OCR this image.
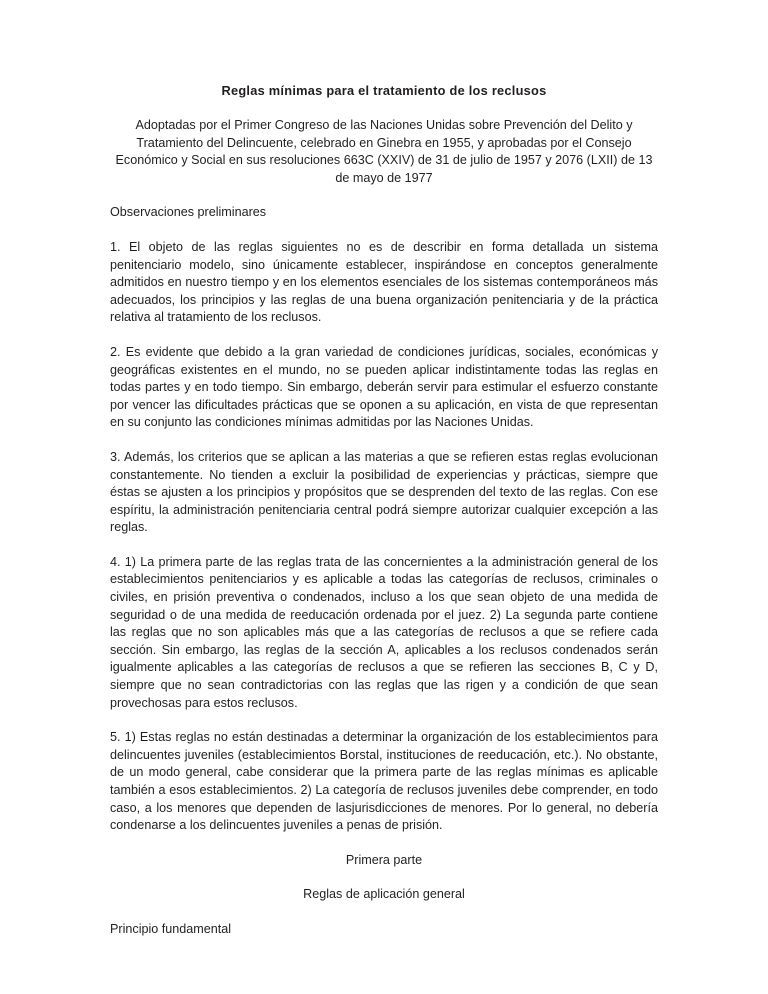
Reglas mínimas para el tratamiento de los reclusos

Adoptadas por el Primer Congreso de las Naciones Unidas sobre Prevención del Delito y Tratamiento del Delincuente, celebrado en Ginebra en 1955, y aprobadas por el Consejo Económico y Social en sus resoluciones 663C (XXIV) de 31 de julio de 1957 y 2076 (LXII) de 13 de mayo de 1977

Observaciones preliminares

1. El objeto de las reglas siguientes no es de describir en forma detallada un sistema penitenciario modelo, sino únicamente establecer, inspirándose en conceptos generalmente admitidos en nuestro tiempo y en los elementos esenciales de los sistemas contemporáneos más adecuados, los principios y las reglas de una buena organización penitenciaria y de la práctica relativa al tratamiento de los reclusos.

2. Es evidente que debido a la gran variedad de condiciones jurídicas, sociales, económicas y geográficas existentes en el mundo, no se pueden aplicar indistintamente todas las reglas en todas partes y en todo tiempo. Sin embargo, deberán servir para estimular el esfuerzo constante por vencer las dificultades prácticas que se oponen a su aplicación, en vista de que representan en su conjunto las condiciones mínimas admitidas por las Naciones Unidas.

3. Además, los criterios que se aplican a las materias a que se refieren estas reglas evolucionan constantemente. No tienden a excluir la posibilidad de experiencias y prácticas, siempre que éstas se ajusten a los principios y propósitos que se desprenden del texto de las reglas. Con ese espíritu, la administración penitenciaria central podrá siempre autorizar cualquier excepción a las reglas.

4. 1) La primera parte de las reglas trata de las concernientes a la administración general de los establecimientos penitenciarios y es aplicable a todas las categorías de reclusos, criminales o civiles, en prisión preventiva o condenados, incluso a los que sean objeto de una medida de seguridad o de una medida de reeducación ordenada por el juez. 2) La segunda parte contiene las reglas que no son aplicables más que a las categorías de reclusos a que se refiere cada sección. Sin embargo, las reglas de la sección A, aplicables a los reclusos condenados serán igualmente aplicables a las categorías de reclusos a que se refieren las secciones B, C y D, siempre que no sean contradictorias con las reglas que las rigen y a condición de que sean provechosas para estos reclusos.

5. 1) Estas reglas no están destinadas a determinar la organización de los establecimientos para delincuentes juveniles (establecimientos Borstal, instituciones de reeducación, etc.). No obstante, de un modo general, cabe considerar que la primera parte de las reglas mínimas es aplicable también a esos establecimientos. 2) La categoría de reclusos juveniles debe comprender, en todo caso, a los menores que dependen de lasjurisdicciones de menores. Por lo general, no debería condenarse a los delincuentes juveniles a penas de prisión.

Primera parte

Reglas de aplicación general

Principio fundamental
